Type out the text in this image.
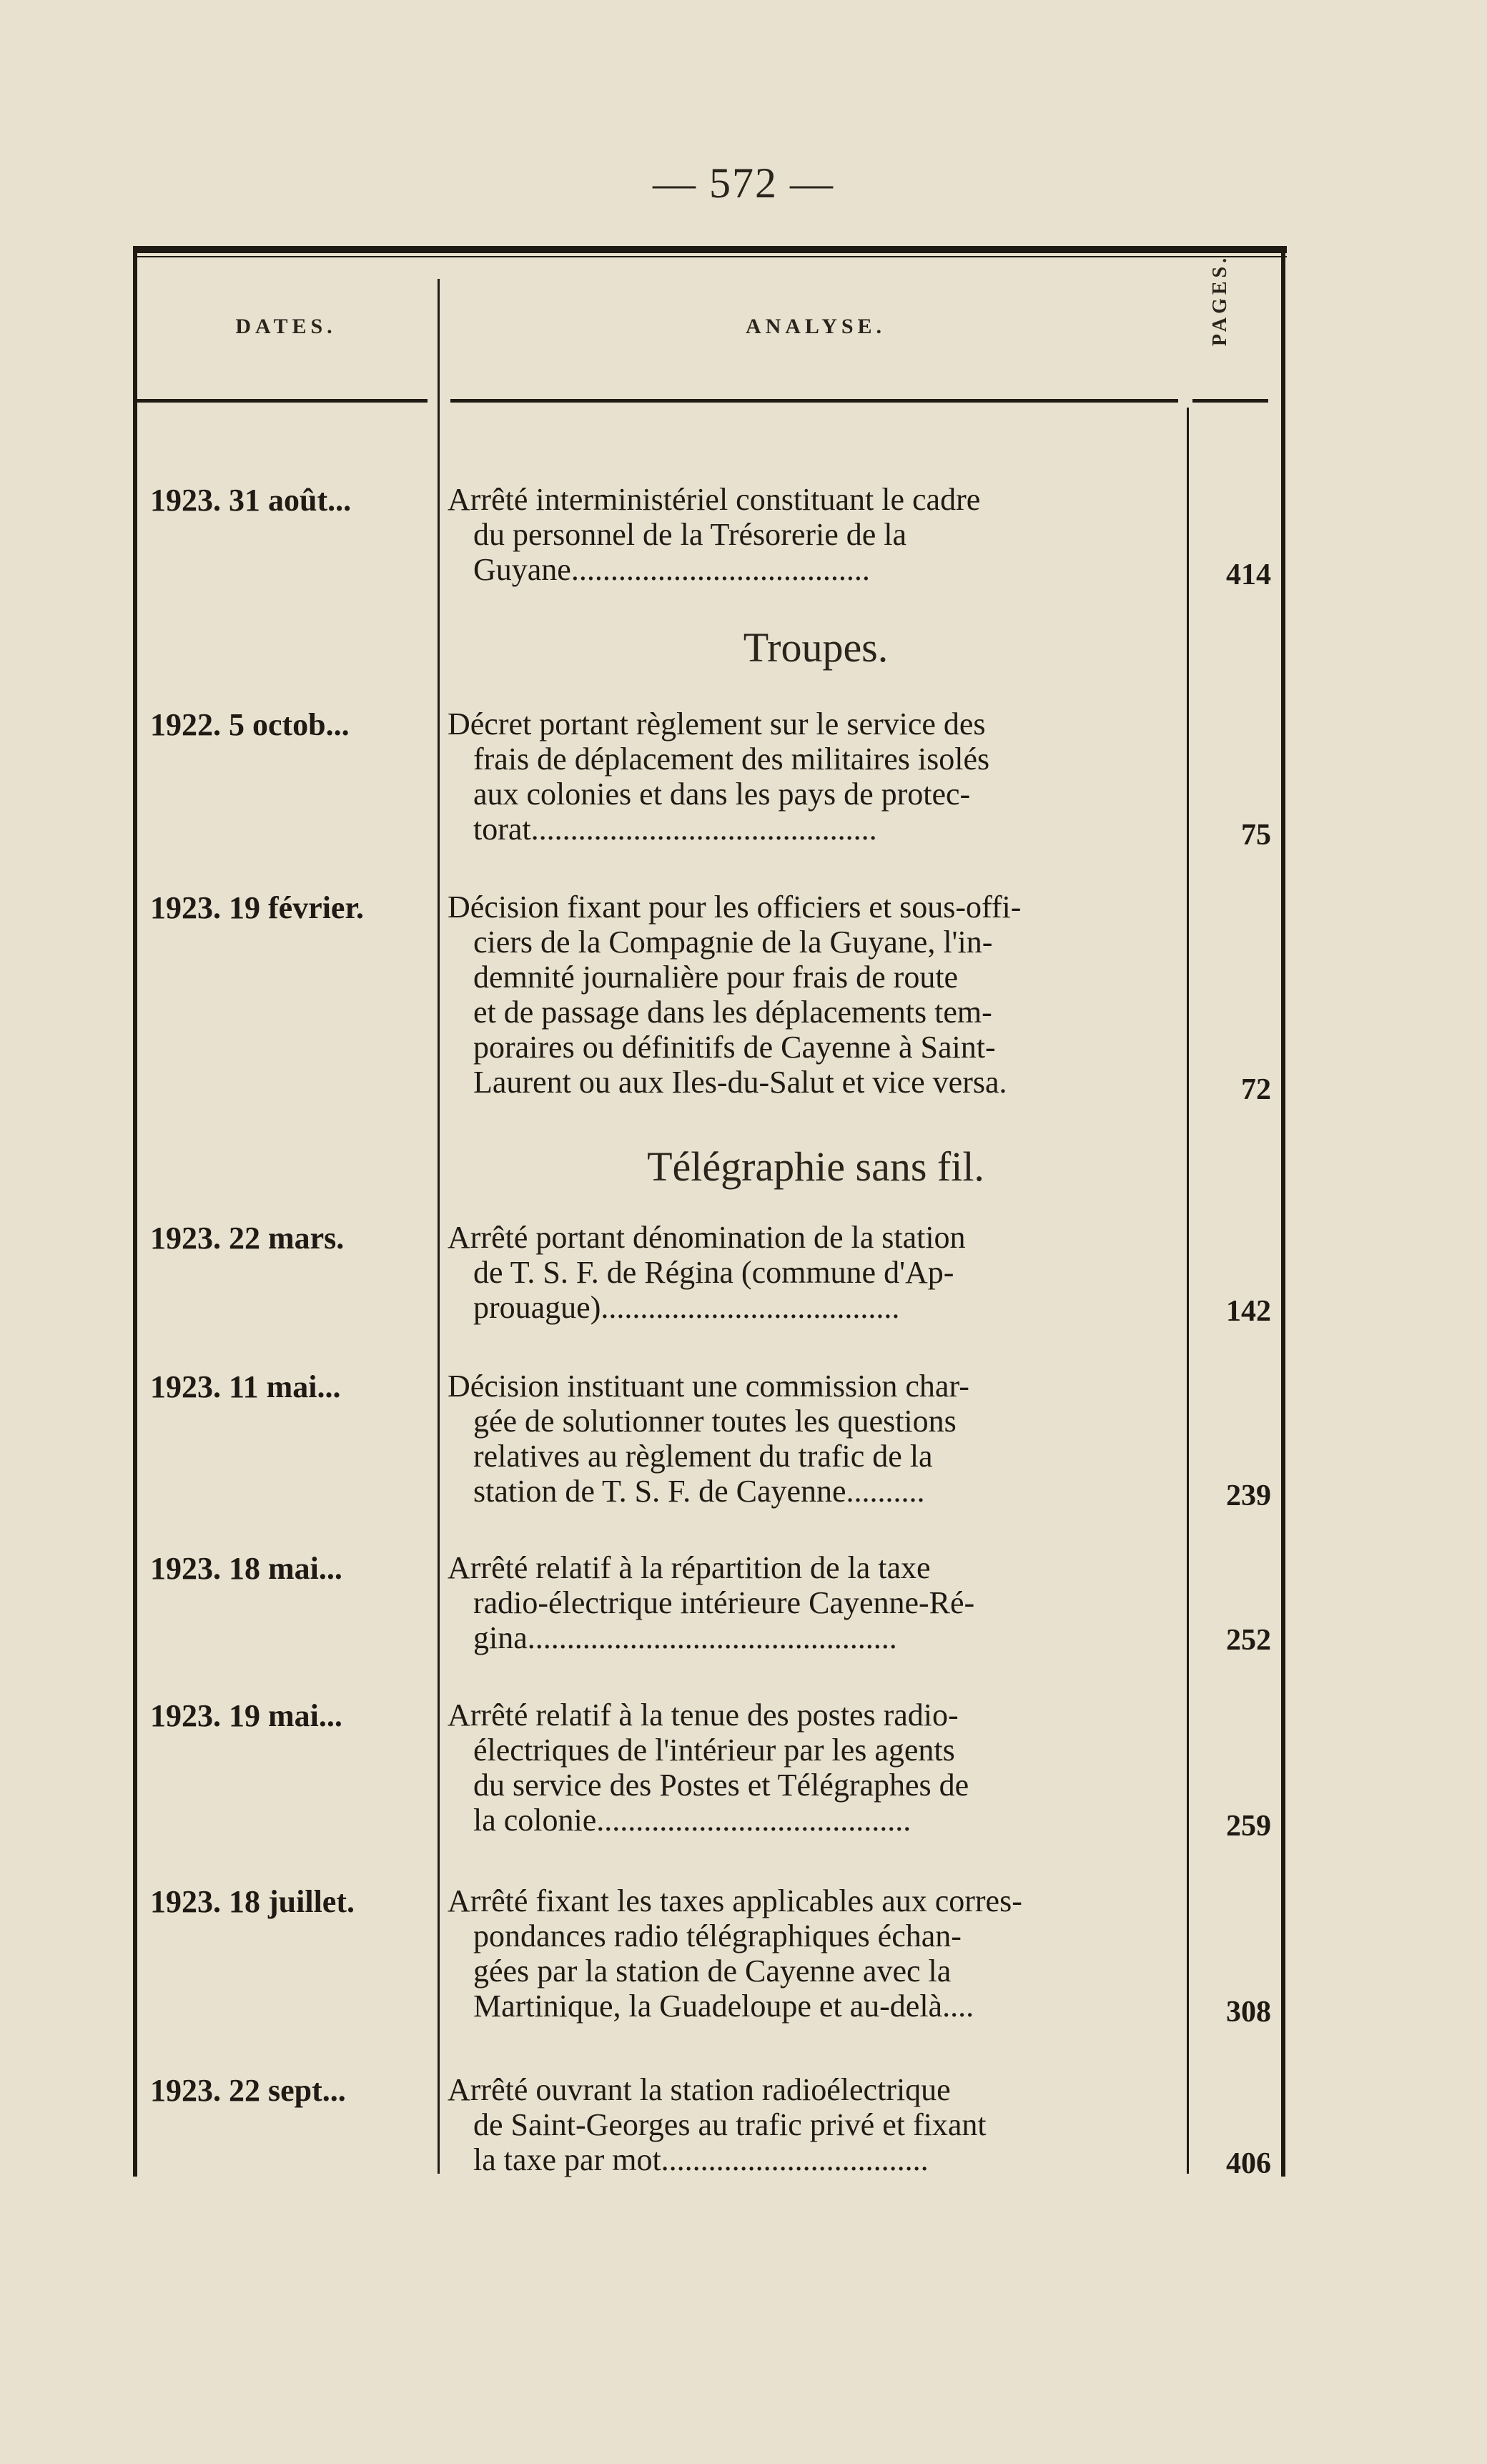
— 572 —
DATES.	ANALYSE.	PAGES.
1923. 31 août...	Arrêté interministériel constituant le cadre
du personnel de la Trésorerie de la
Guyane......................................	414
Troupes.
1922. 5 octob...	Décret portant règlement sur le service des
frais de déplacement des militaires isolés
aux colonies et dans les pays de protec-
torat............................................	75
1923. 19 février.	Décision fixant pour les officiers et sous-offi-
ciers de la Compagnie de la Guyane, l'in-
demnité journalière pour frais de route
et de passage dans les déplacements tem-
poraires ou définitifs de Cayenne à Saint-
Laurent ou aux Iles-du-Salut et vice versa.	72
Télégraphie sans fil.
1923. 22 mars.	Arrêté portant dénomination de la station
de T. S. F. de Régina (commune d'Ap-
prouague)......................................	142
1923. 11 mai...	Décision instituant une commission char-
gée de solutionner toutes les questions
relatives au règlement du trafic de la
station de T. S. F. de Cayenne..........	239
1923. 18 mai...	Arrêté relatif à la répartition de la taxe
radio-électrique intérieure Cayenne-Ré-
gina...............................................	252
1923. 19 mai...	Arrêté relatif à la tenue des postes radio-
électriques de l'intérieur par les agents
du service des Postes et Télégraphes de
la colonie........................................	259
1923. 18 juillet.	Arrêté fixant les taxes applicables aux corres-
pondances radio télégraphiques échan-
gées par la station de Cayenne avec la
Martinique, la Guadeloupe et au-delà....	308
1923. 22 sept...	Arrêté ouvrant la station radioélectrique
de Saint-Georges au trafic privé et fixant
la taxe par mot..................................	406
